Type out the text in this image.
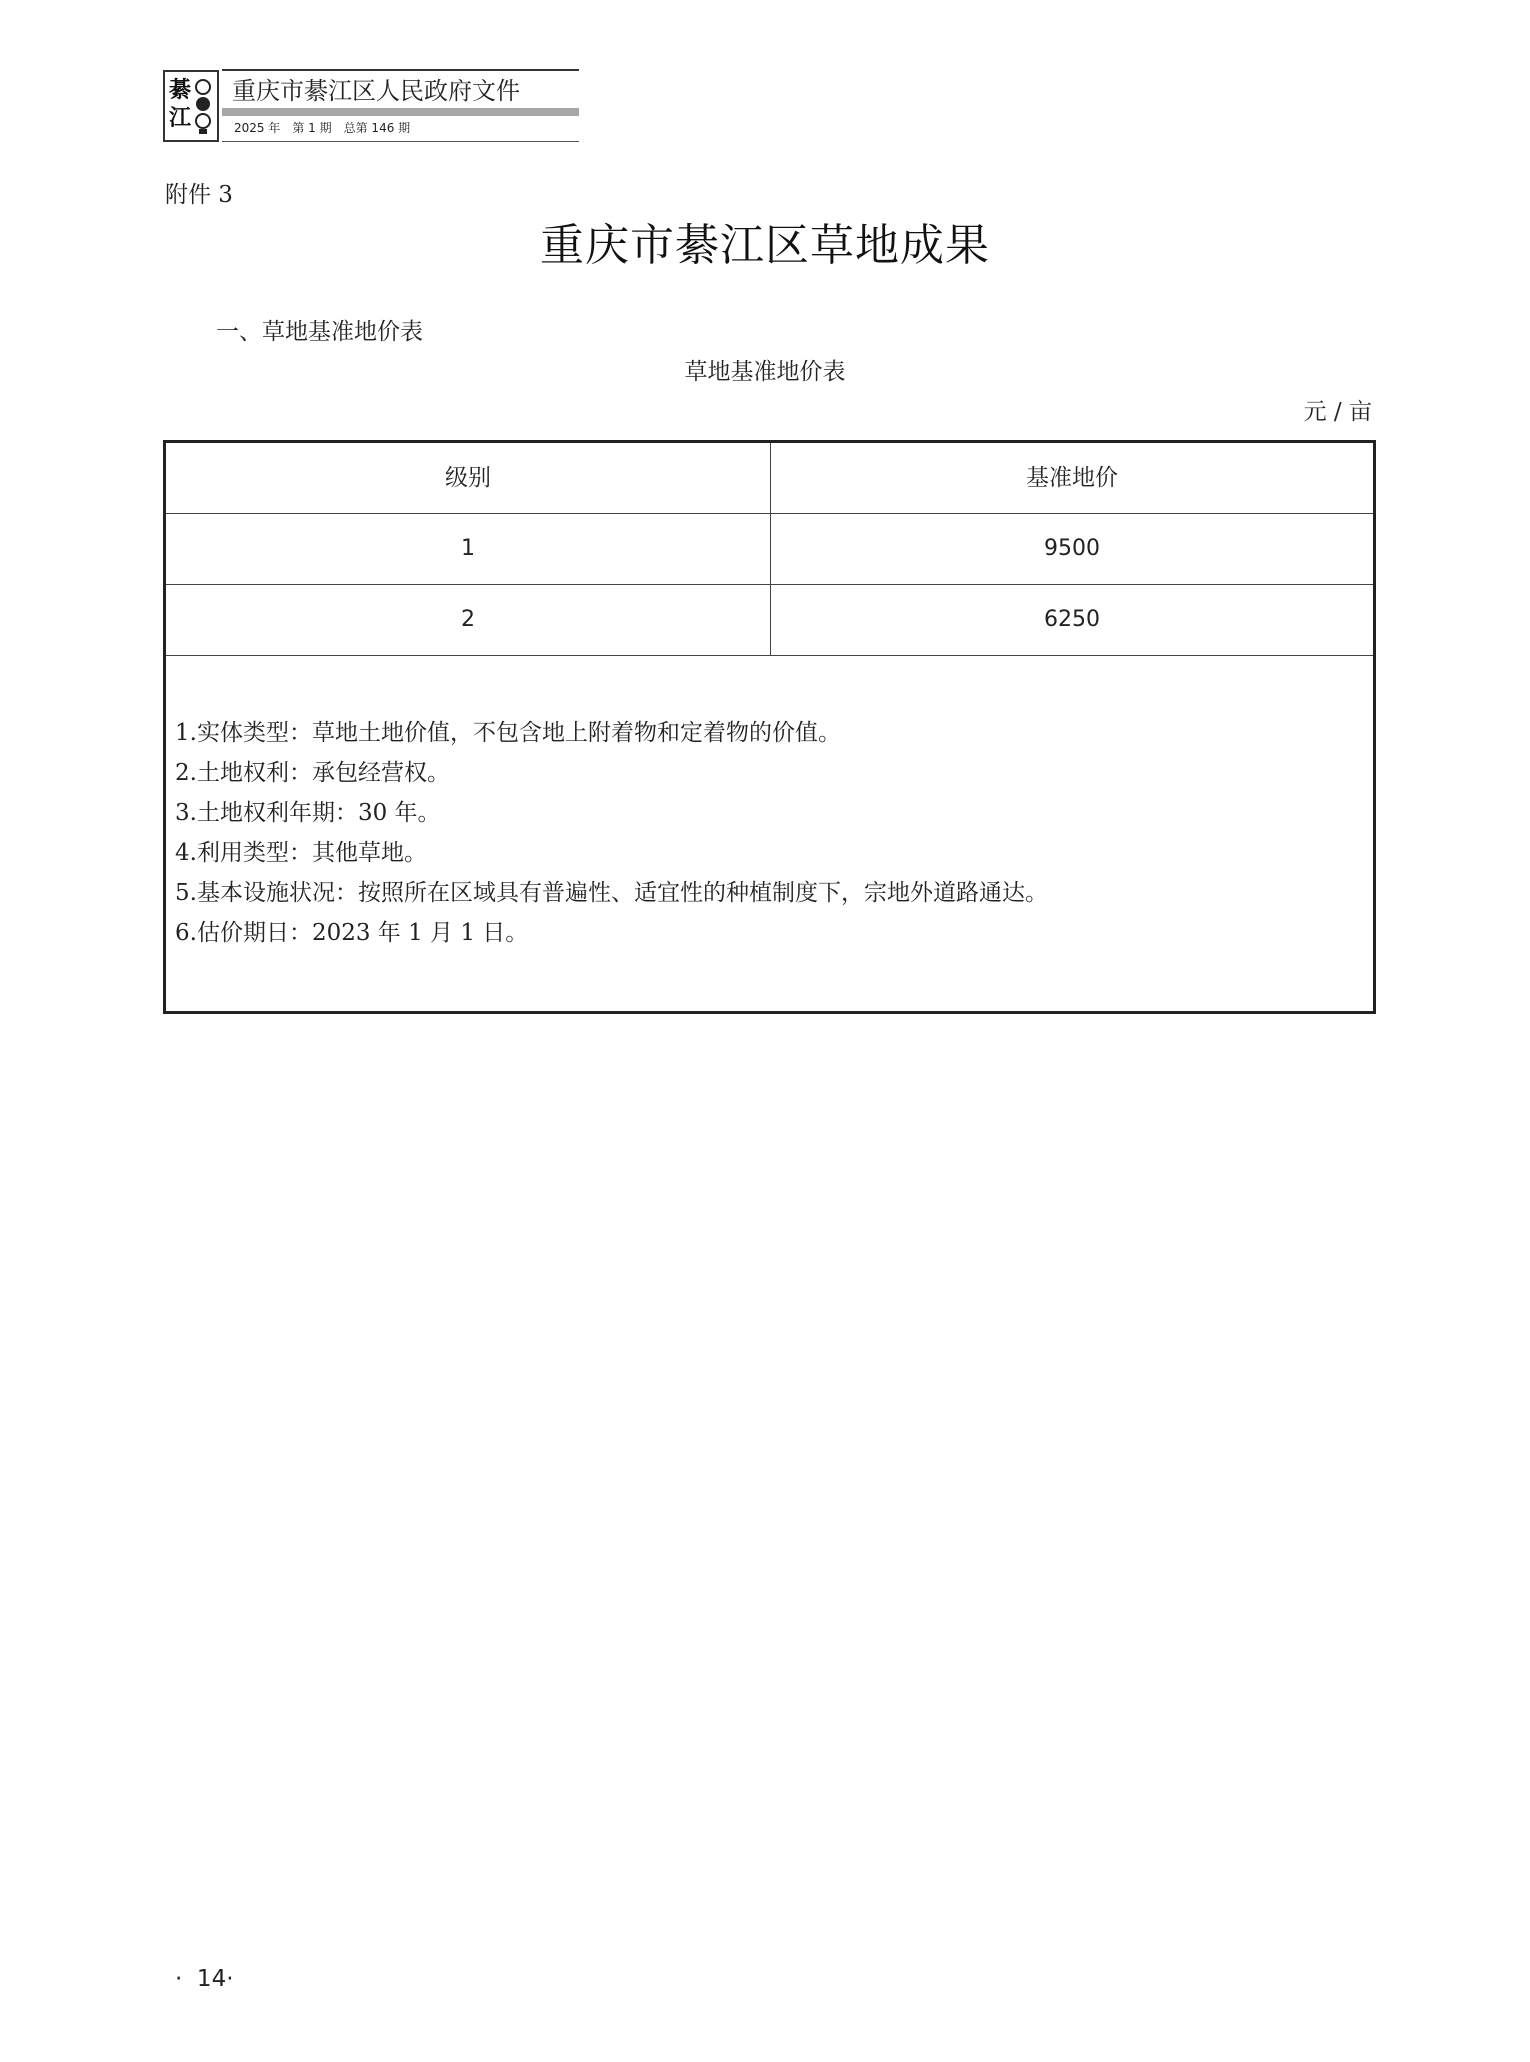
綦江
重庆市綦江区人民政府文件
2025 年　第 1 期　总第 146 期
附件 3
重庆市綦江区草地成果
一、草地基准地价表
草地基准地价表
元 / 亩
级别	基准地价
1	9500
2	6250
1.实体类型：草地土地价值，不包含地上附着物和定着物的价值。
2.土地权利：承包经营权。
3.土地权利年期：30 年。
4.利用类型：其他草地。
5.基本设施状况：按照所在区域具有普遍性、适宜性的种植制度下，宗地外道路通达。
6.估价期日：2023 年 1 月 1 日。
·  14·
